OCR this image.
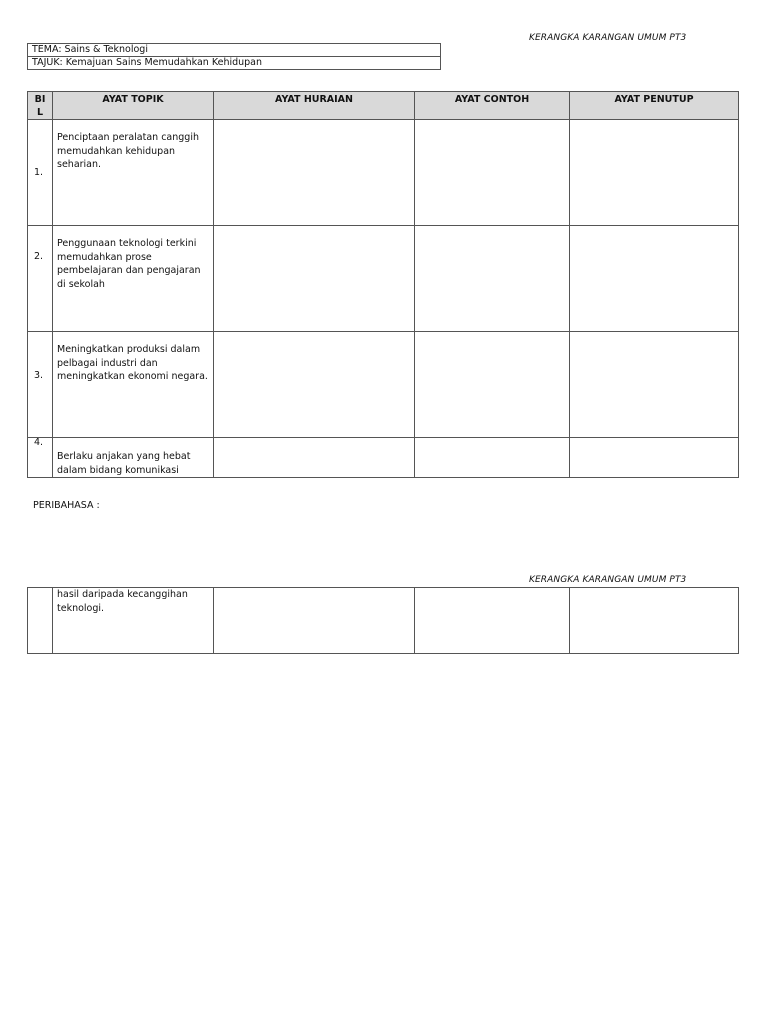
KERANGKA KARANGAN UMUM PT3
TEMA: Sains & Teknologi
TAJUK: Kemajuan Sains Memudahkan Kehidupan
BIL	AYAT TOPIK	AYAT HURAIAN	AYAT CONTOH	AYAT PENUTUP
1.	Penciptaan peralatan canggih memudahkan kehidupan seharian.			
2.	Penggunaan teknologi terkini memudahkan prose pembelajaran dan pengajaran di sekolah			
3.	Meningkatkan produksi dalam pelbagai industri dan meningkatkan ekonomi negara.			
4.	Berlaku anjakan yang hebat dalam bidang komunikasi			
PERIBAHASA :
KERANGKA KARANGAN UMUM PT3
	hasil daripada kecanggihan teknologi.			
